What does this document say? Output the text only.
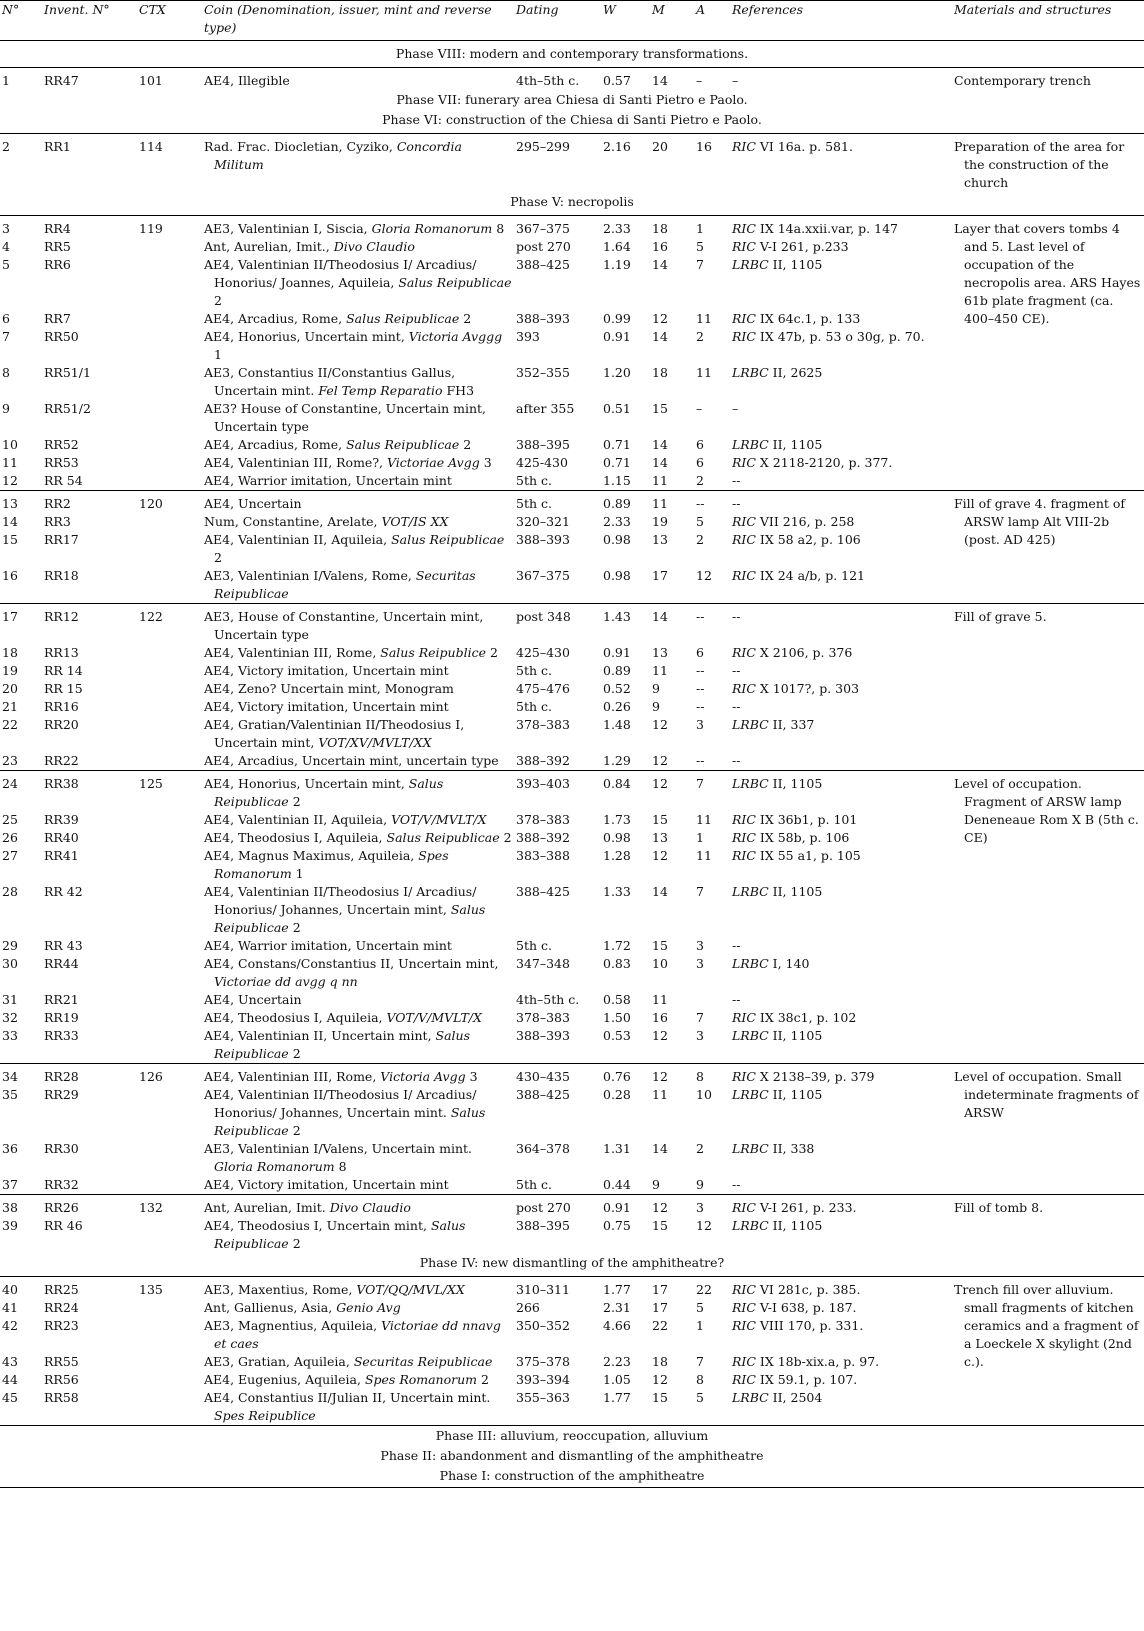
N°	Invent. N°	CTX	Coin (Denomination, issuer, mint and reverse type)	Dating	W	M	A	References	Materials and structures
Phase VIII: modern and contemporary transformations.									
1	RR47	101	AE4, Illegible	4th–5th c.	0.57	14	–	–	Contemporary trench
Phase VII: funerary area Chiesa di Santi Pietro e Paolo.									
Phase VI: construction of the Chiesa di Santi Pietro e Paolo.									
2	RR1	114	Rad. Frac. Diocletian, Cyziko, Concordia Militum	295–299	2.16	20	16	RIC VI 16a. p. 581.	Preparation of the area for the construction of the church
Phase V: necropolis									
3	RR4	119	AE3, Valentinian I, Siscia, Gloria Romanorum 8	367–375	2.33	18	1	RIC IX 14a.xxii.var, p. 147	Layer that covers tombs 4 and 5. Last level of occupation of the necropolis area. ARS Hayes 61b plate fragment (ca. 400–450 CE).
4	RR5		Ant, Aurelian, Imit., Divo Claudio	post 270	1.64	16	5	RIC V-I 261, p.233	
5	RR6		AE4, Valentinian II/Theodosius I/ Arcadius/ Honorius/ Joannes, Aquileia, Salus Reipublicae 2	388–425	1.19	14	7	LRBC II, 1105	
6	RR7		AE4, Arcadius, Rome, Salus Reipublicae 2	388–393	0.99	12	11	RIC IX 64c.1, p. 133	
7	RR50		AE4, Honorius, Uncertain mint, Victoria Avggg 1	393	0.91	14	2	RIC IX 47b, p. 53 o 30g, p. 70.	
8	RR51/1		AE3, Constantius II/Constantius Gallus, Uncertain mint. Fel Temp Reparatio FH3	352–355	1.20	18	11	LRBC II, 2625	
9	RR51/2		AE3? House of Constantine, Uncertain mint, Uncertain type	after 355	0.51	15	–	–	
10	RR52		AE4, Arcadius, Rome, Salus Reipublicae 2	388–395	0.71	14	6	LRBC II, 1105	
11	RR53		AE4, Valentinian III, Rome?, Victoriae Avgg 3	425-430	0.71	14	6	RIC X 2118-2120, p. 377.	
12	RR 54		AE4, Warrior imitation, Uncertain mint	5th c.	1.15	11	2	--	
13	RR2	120	AE4, Uncertain	5th c.	0.89	11	--	--	Fill of grave 4. fragment of ARSW lamp Alt VIII-2b (post. AD 425)
14	RR3		Num, Constantine, Arelate, VOT/IS XX	320–321	2.33	19	5	RIC VII 216, p. 258	
15	RR17		AE4, Valentinian II, Aquileia, Salus Reipublicae 2	388–393	0.98	13	2	RIC IX 58 a2, p. 106	
16	RR18		AE3, Valentinian I/Valens, Rome, Securitas Reipublicae	367–375	0.98	17	12	RIC IX 24 a/b, p. 121	
17	RR12	122	AE3, House of Constantine, Uncertain mint, Uncertain type	post 348	1.43	14	--	--	Fill of grave 5.
18	RR13		AE4, Valentinian III, Rome, Salus Reipublice 2	425–430	0.91	13	6	RIC X 2106, p. 376	
19	RR 14		AE4, Victory imitation, Uncertain mint	5th c.	0.89	11	--	--	
20	RR 15		AE4, Zeno? Uncertain mint, Monogram	475–476	0.52	9	--	RIC X 1017?, p. 303	
21	RR16		AE4, Victory imitation, Uncertain mint	5th c.	0.26	9	--	--	
22	RR20		AE4, Gratian/Valentinian II/Theodosius I, Uncertain mint, VOT/XV/MVLT/XX	378–383	1.48	12	3	LRBC II, 337	
23	RR22		AE4, Arcadius, Uncertain mint, uncertain type	388–392	1.29	12	--	--	
24	RR38	125	AE4, Honorius, Uncertain mint, Salus Reipublicae 2	393–403	0.84	12	7	LRBC II, 1105	Level of occupation. Fragment of ARSW lamp Deneneaue Rom X B (5th c. CE)
25	RR39		AE4, Valentinian II, Aquileia, VOT/V/MVLT/X	378–383	1.73	15	11	RIC IX 36b1, p. 101	
26	RR40		AE4, Theodosius I, Aquileia, Salus Reipublicae 2	388–392	0.98	13	1	RIC IX 58b, p. 106	
27	RR41		AE4, Magnus Maximus, Aquileia, Spes Romanorum 1	383–388	1.28	12	11	RIC IX 55 a1, p. 105	
28	RR 42		AE4, Valentinian II/Theodosius I/ Arcadius/ Honorius/ Johannes, Uncertain mint, Salus Reipublicae 2	388–425	1.33	14	7	LRBC II, 1105	
29	RR 43		AE4, Warrior imitation, Uncertain mint	5th c.	1.72	15	3	--	
30	RR44		AE4, Constans/Constantius II, Uncertain mint, Victoriae dd avgg q nn	347–348	0.83	10	3	LRBC I, 140	
31	RR21		AE4, Uncertain	4th–5th c.	0.58	11		--	
32	RR19		AE4, Theodosius I, Aquileia, VOT/V/MVLT/X	378–383	1.50	16	7	RIC IX 38c1, p. 102	
33	RR33		AE4, Valentinian II, Uncertain mint, Salus Reipublicae 2	388–393	0.53	12	3	LRBC II, 1105	
34	RR28	126	AE4, Valentinian III, Rome, Victoria Avgg 3	430–435	0.76	12	8	RIC X 2138–39, p. 379	Level of occupation. Small indeterminate fragments of ARSW
35	RR29		AE4, Valentinian II/Theodosius I/ Arcadius/ Honorius/ Johannes, Uncertain mint. Salus Reipublicae 2	388–425	0.28	11	10	LRBC II, 1105	
36	RR30		AE3, Valentinian I/Valens, Uncertain mint. Gloria Romanorum 8	364–378	1.31	14	2	LRBC II, 338	
37	RR32		AE4, Victory imitation, Uncertain mint	5th c.	0.44	9	9	--	
38	RR26	132	Ant, Aurelian, Imit. Divo Claudio	post 270	0.91	12	3	RIC V-I 261, p. 233.	Fill of tomb 8.
39	RR 46		AE4, Theodosius I, Uncertain mint, Salus Reipublicae 2	388–395	0.75	15	12	LRBC II, 1105	
Phase IV: new dismantling of the amphitheatre?									
40	RR25	135	AE3, Maxentius, Rome, VOT/QQ/MVL/XX	310–311	1.77	17	22	RIC VI 281c, p. 385.	Trench fill over alluvium. small fragments of kitchen ceramics and a fragment of a Loeckele X skylight (2nd c.).
41	RR24		Ant, Gallienus, Asia, Genio Avg	266	2.31	17	5	RIC V-I 638, p. 187.	
42	RR23		AE3, Magnentius, Aquileia, Victoriae dd nnavg et caes	350–352	4.66	22	1	RIC VIII 170, p. 331.	
43	RR55		AE3, Gratian, Aquileia, Securitas Reipublicae	375–378	2.23	18	7	RIC IX 18b-xix.a, p. 97.	
44	RR56		AE4, Eugenius, Aquileia, Spes Romanorum 2	393–394	1.05	12	8	RIC IX 59.1, p. 107.	
45	RR58		AE4, Constantius II/Julian II, Uncertain mint. Spes Reipublice	355–363	1.77	15	5	LRBC II, 2504	
Phase III: alluvium, reoccupation, alluvium									
Phase II: abandonment and dismantling of the amphitheatre									
Phase I: construction of the amphitheatre									
